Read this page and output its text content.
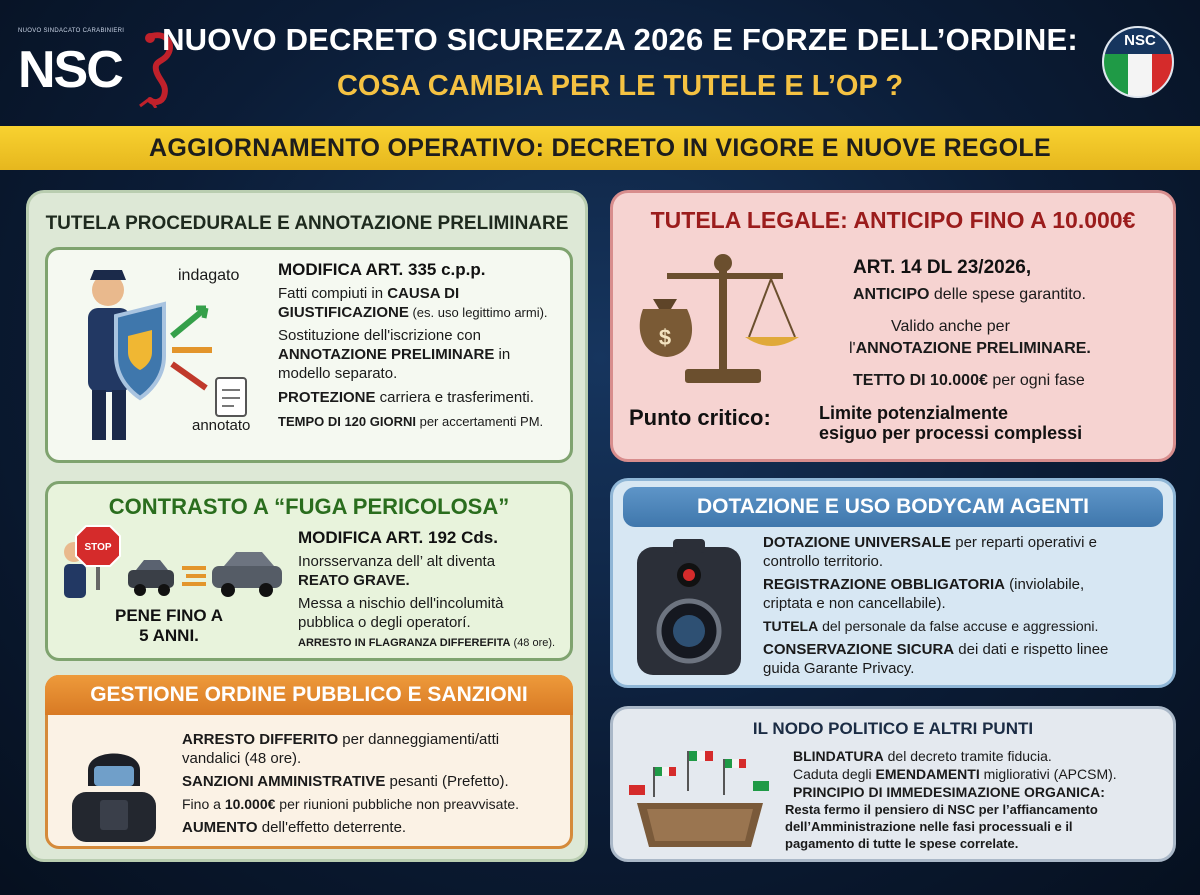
NUOVO SINDACATO CARABINIERI
NSC
NUOVO DECRETO SICUREZZA 2026 E FORZE DELL’ORDINE:
COSA CAMBIA PER LE TUTELE E L’OP ?
NSC
AGGIORNAMENTO OPERATIVO: DECRETO IN VIGORE E NUOVE REGOLE
TUTELA PROCEDURALE E ANNOTAZIONE PRELIMINARE
indagato
annotato
MODIFICA ART. 335 c.p.p.
Fatti compiuti in CAUSA DI
GIUSTIFICAZIONE (es. uso legittimo armi).
Sostituzione dell'iscrizione con
ANNOTAZIONE PRELIMINARE in
modello separato.
PROTEZIONE carriera e trasferimenti.
TEMPO DI 120 GIORNI per accertamenti PM.
CONTRASTO A “FUGA PERICOLOSA”
STOP
PENE FINO A
5 ANNI.
MODIFICA ART. 192 Cds.
Inorsservanza dell’ alt diventa
REATO GRAVE.
Messa a nischio dell'incolumità
pubblica o degli operatorí.
ARRESTO IN FLAGRANZA DIFFEREFITA (48 ore).
GESTIONE ORDINE PUBBLICO E SANZIONI
ARRESTO DIFFERITO per danneggiamenti/atti
vandalici (48 ore).
SANZIONI AMMINISTRATIVE pesanti (Prefetto).
Fino a 10.000€ per riunioni pubbliche non preavvisate.
AUMENTO dell'effetto deterrente.
TUTELA LEGALE: ANTICIPO FINO A 10.000€
$
ART. 14 DL 23/2026,
ANTICIPO delle spese garantito.
Valido anche per
l'ANNOTAZIONE PRELIMINARE.
TETTO DI 10.000€ per ogni fase
Punto critico:	Limite potenzialmente
esiguo per processi complessi
DOTAZIONE E USO BODYCAM AGENTI
DOTAZIONE UNIVERSALE per reparti operativi e
controllo territorio.
REGISTRAZIONE OBBLIGATORIA (inviolabile,
criptata e non cancellabile).
TUTELA del personale da false accuse e aggressioni.
CONSERVAZIONE SICURA dei dati e rispetto linee
guida Garante Privacy.
IL NODO POLITICO E ALTRI PUNTI
BLINDATURA del decreto tramite fiducia.
Caduta degli EMENDAMENTI migliorativi (APCSM).
PRINCIPIO DI IMMEDESIMAZIONE ORGANICA:
Resta fermo il pensiero di NSC per l’affiancamento
dell’Amministrazione nelle fasi processuali e il
pagamento di tutte le spese correlate.
